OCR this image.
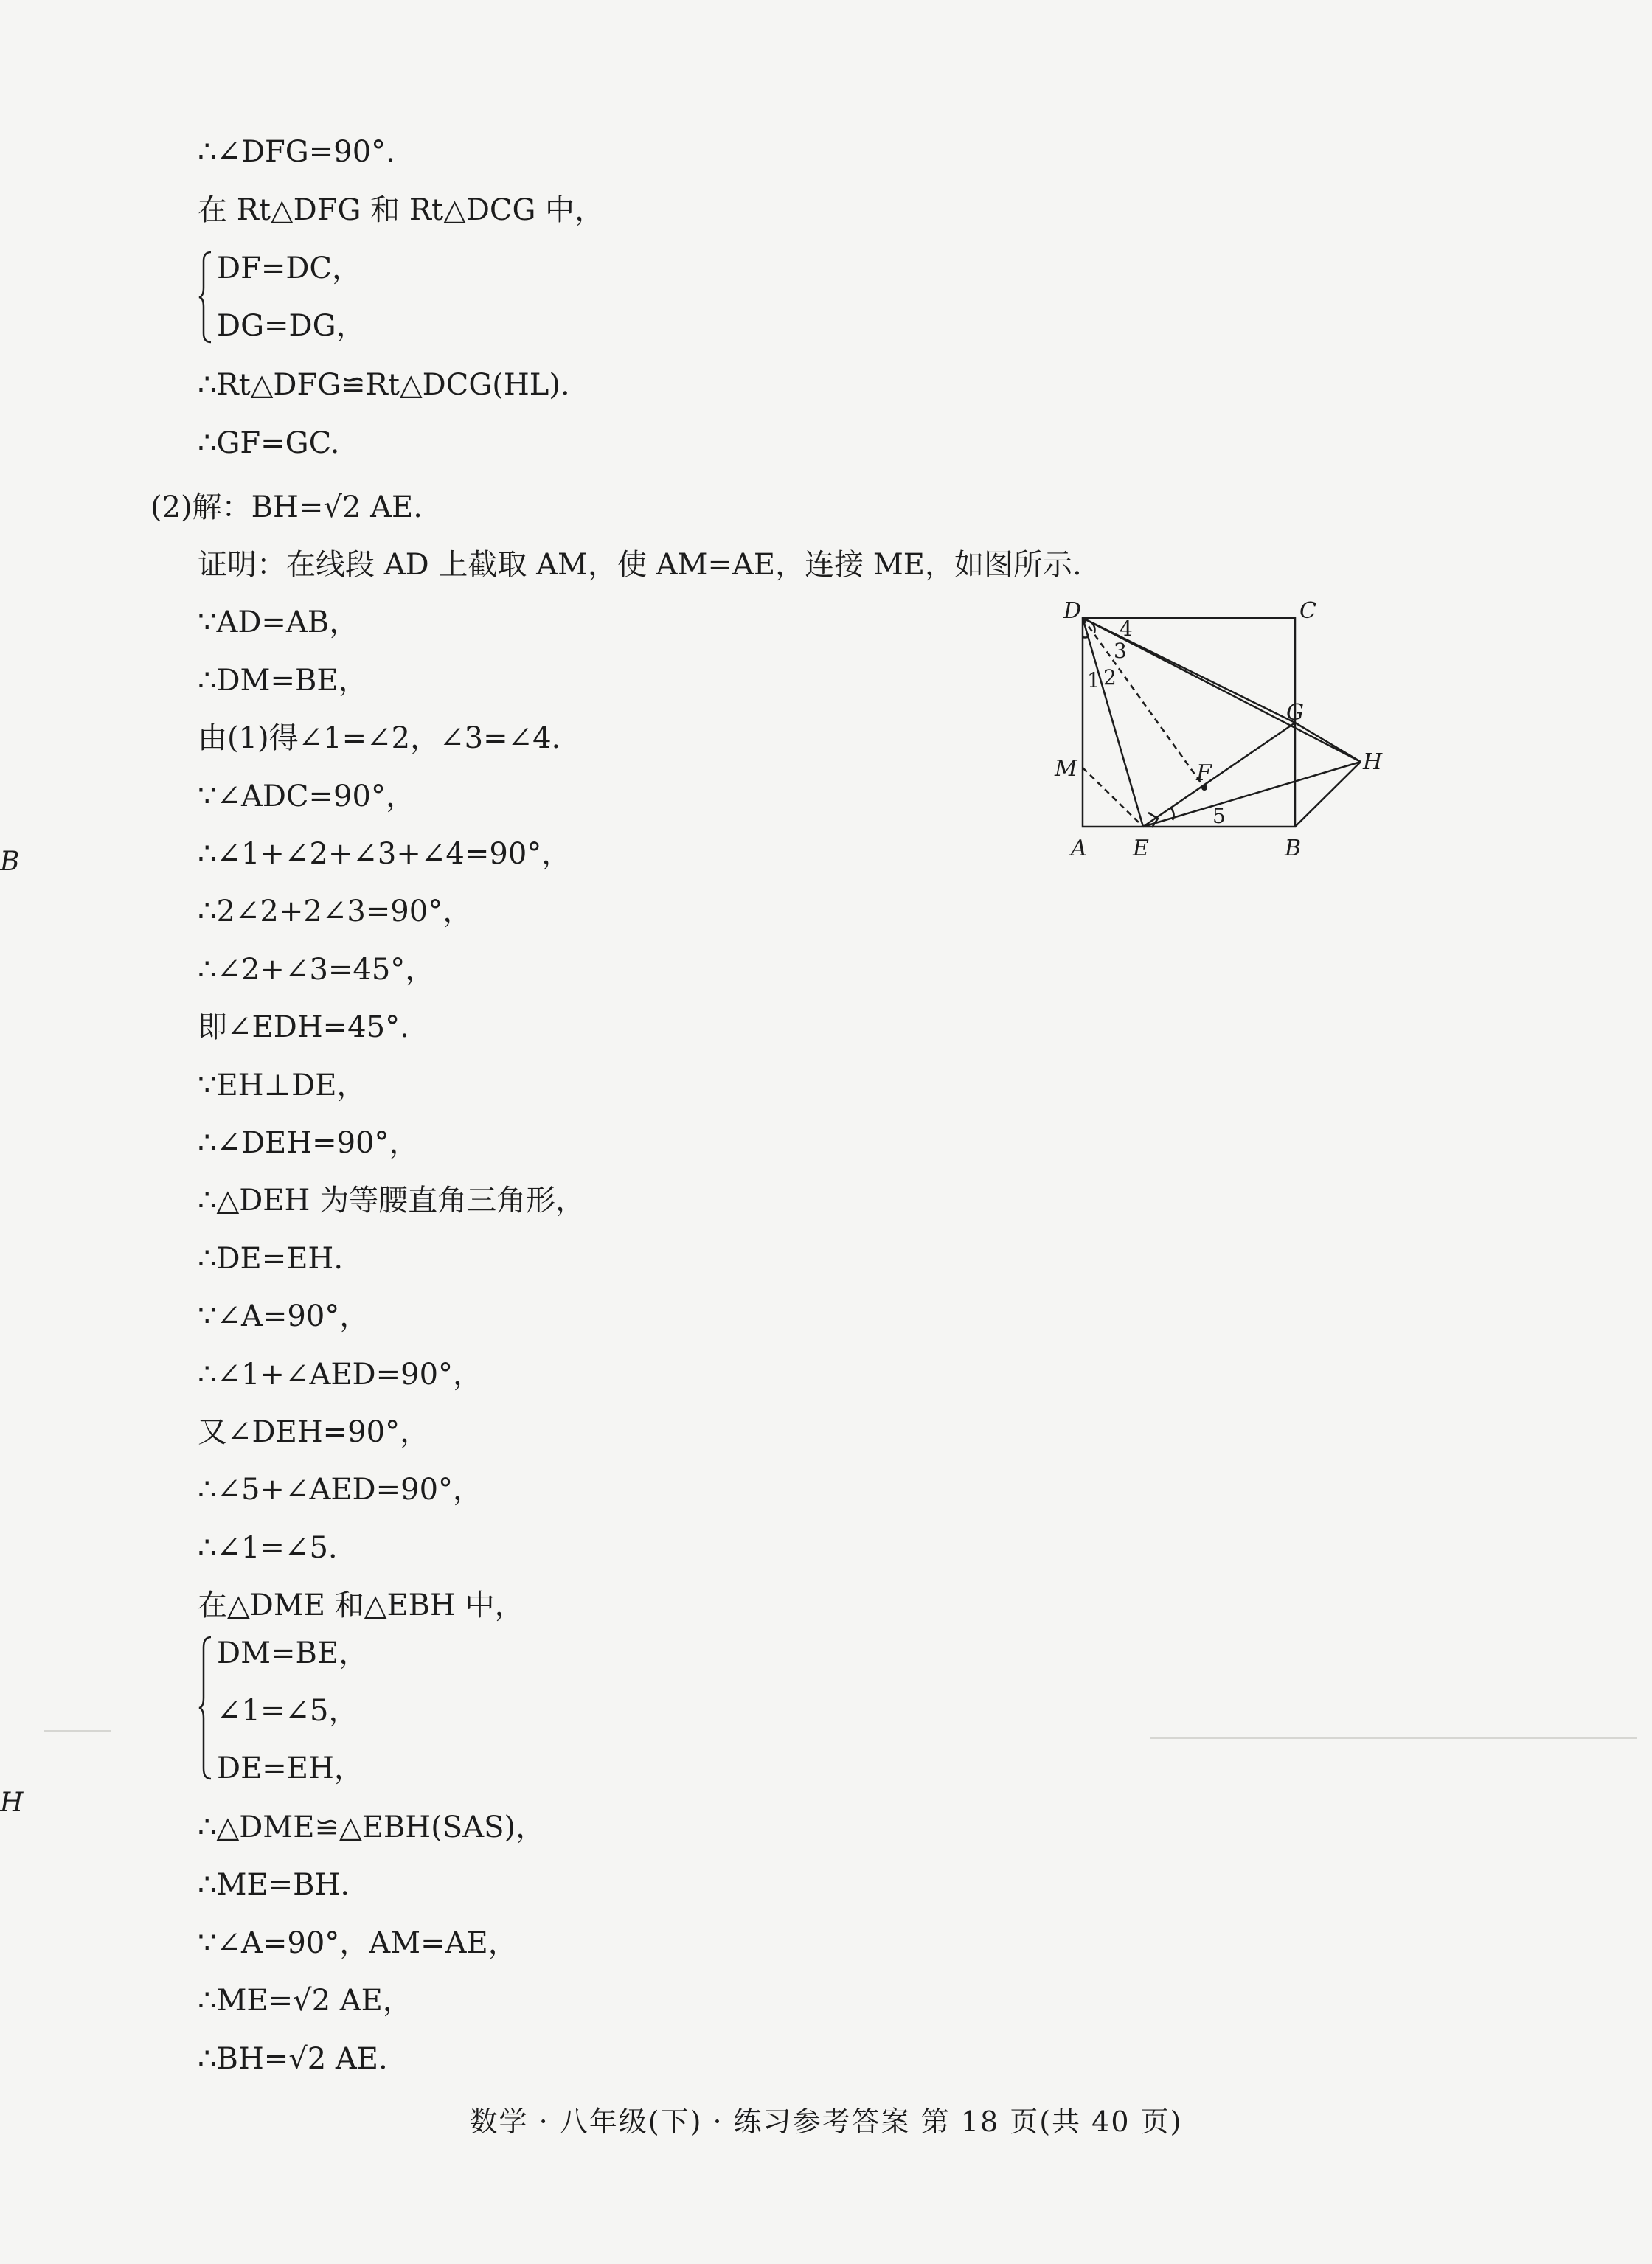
∴∠DFG=90°.
在 Rt△DFG 和 Rt△DCG 中，
DF=DC，
DG=DG，
∴Rt△DFG≌Rt△DCG(HL).
∴GF=GC.
(2)解：BH=√2 AE.
证明：在线段 AD 上截取 AM，使 AM=AE，连接 ME，如图所示.
∵AD=AB，
∴DM=BE，
由(1)得∠1=∠2，∠3=∠4.
∵∠ADC=90°，
∴∠1+∠2+∠3+∠4=90°，
∴2∠2+2∠3=90°，
∴∠2+∠3=45°，
即∠EDH=45°.
∵EH⊥DE，
∴∠DEH=90°，
∴△DEH 为等腰直角三角形，
∴DE=EH.
∵∠A=90°，
∴∠1+∠AED=90°，
又∠DEH=90°，
∴∠5+∠AED=90°，
∴∠1=∠5.
在△DME 和△EBH 中，
DM=BE，
∠1=∠5，
DE=EH，
∴△DME≌△EBH(SAS)，
∴ME=BH.
∵∠A=90°，AM=AE，
∴ME=√2 AE，
∴BH=√2 AE.
B
H
D	C
G
H
M	F
A E	B
1 2
3
4
5
数学 · 八年级(下) · 练习参考答案 第 18 页(共 40 页)
